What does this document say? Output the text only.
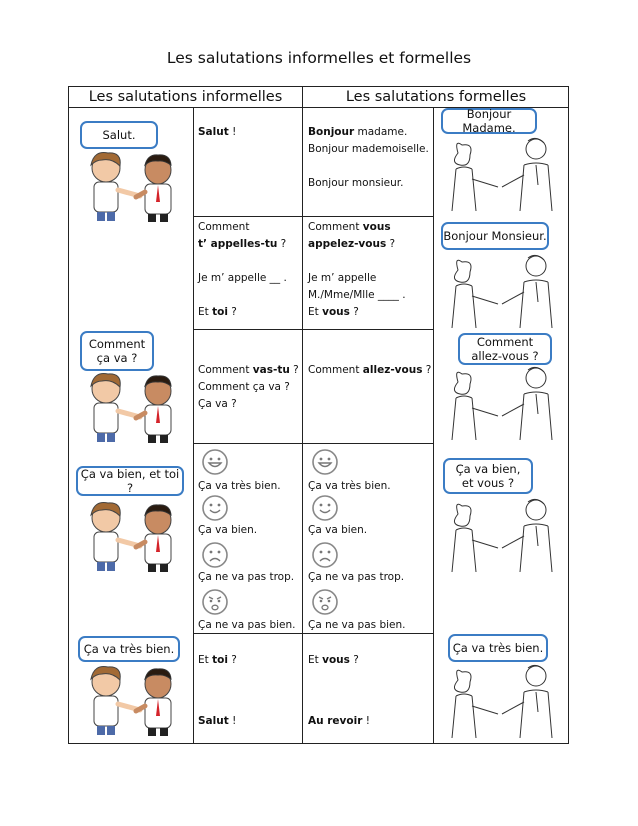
Les salutations informelles et formelles
Les salutations informelles	Les salutations formelles
Salut !	Bonjour madame.
Bonjour mademoiselle.
Bonjour monsieur.
Comment
t’ appelles-tu ?
Je m’ appelle __ .
Et toi ?
Comment vous
appelez-vous ?
Je m’ appelle
M./Mme/Mlle ____ .
Et vous ?
Comment vas-tu ?
Comment ça va ?
Ça va ?
Comment allez-vous ?
Ça va très bien.
Ça va bien.
Ça ne va pas trop.
Ça ne va pas bien.
Ça va très bien.
Ça va bien.
Ça ne va pas trop.
Ça ne va pas bien.
Et toi ?
Salut !
Et vous ?
Au revoir !
Salut.
Comment
ça va ?
Ça va bien, et toi ?
Ça va très bien.
Bonjour Madame.
Bonjour Monsieur.
Comment
allez-vous ?
Ça va bien,
et vous ?
Ça va très bien.
